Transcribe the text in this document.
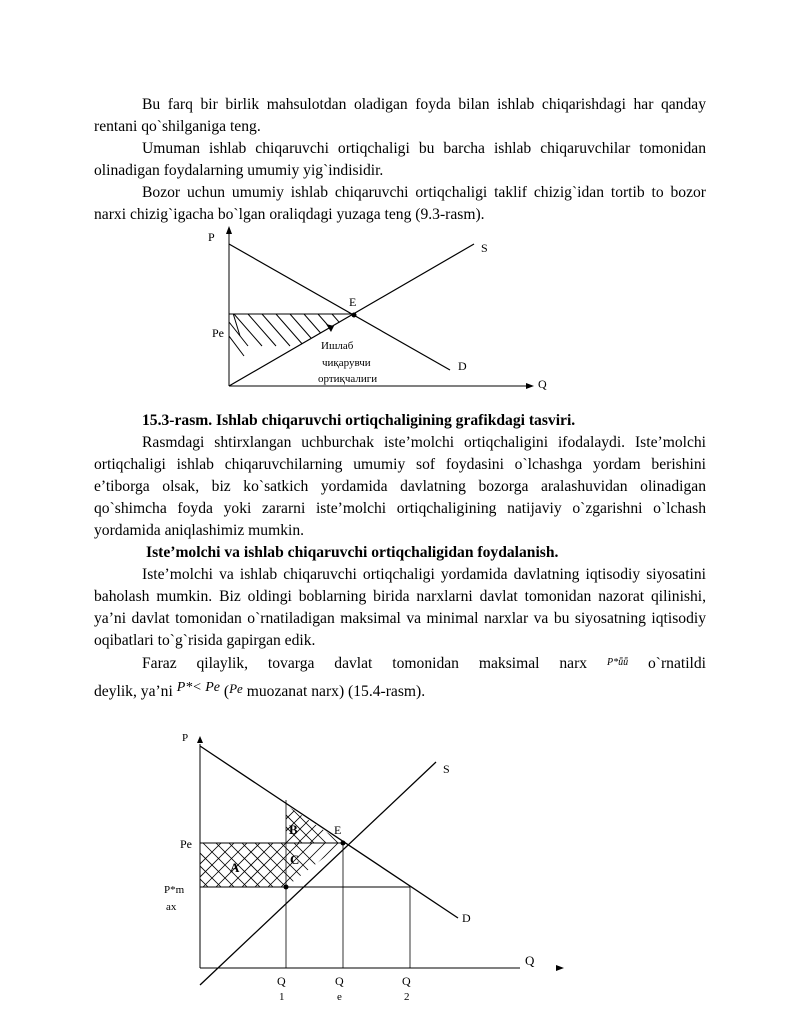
Bu farq bir birlik mahsulotdan oladigan foyda bilan ishlab chiqarishdagi har qanday rentani qo`shilganiga teng.

Umuman ishlab chiqaruvchi ortiqchaligi bu barcha ishlab chiqaruvchilar tomonidan olinadigan foydalarning umumiy yig`indisidir.

Bozor uchun umumiy ishlab chiqaruvchi ortiqchaligi taklif chizig`idan tortib to bozor narxi chizig`igacha bo`lgan oraliqdagi yuzaga teng (9.3-rasm).

P
S
E
Pe
Ишлаб
чиқарувчи
ортиқчалиги
D
Q

15.3-rasm. Ishlab chiqaruvchi ortiqchaligining grafikdagi tasviri.

Rasmdagi shtirxlangan uchburchak iste’molchi ortiqchaligini ifodalaydi. Iste’molchi ortiqchaligi ishlab chiqaruvchilarning umumiy sof foydasini o`lchashga yordam berishini e’tiborga olsak, biz ko`satkich yordamida davlatning bozorga aralashuvidan olinadigan qo`shimcha foyda yoki zararni iste’molchi ortiqchaligining natijaviy o`zgarishni o`lchash yordamida aniqlashimiz mumkin.

Iste’molchi va ishlab chiqaruvchi ortiqchaligidan foydalanish.

Iste’molchi va ishlab chiqaruvchi ortiqchaligi yordamida davlatning iqtisodiy siyosatini baholash mumkin. Biz oldingi boblarning birida narxlarni davlat tomonidan nazorat qilinishi, ya’ni davlat tomonidan o`rnatiladigan maksimal va minimal narxlar va bu siyosatning iqtisodiy oqibatlari to`g`risida gapirgan edik.

Faraz qilaylik, tovarga davlat tomonidan maksimal narx P*ǖǖ o`rnatildi

deylik, ya’ni P*< Pe (Pe muozanat narx) (15.4-rasm).

P
S
E
Pe
B
C
A
P*m
ax
D
Q
Q
1
Q
e
Q
2
